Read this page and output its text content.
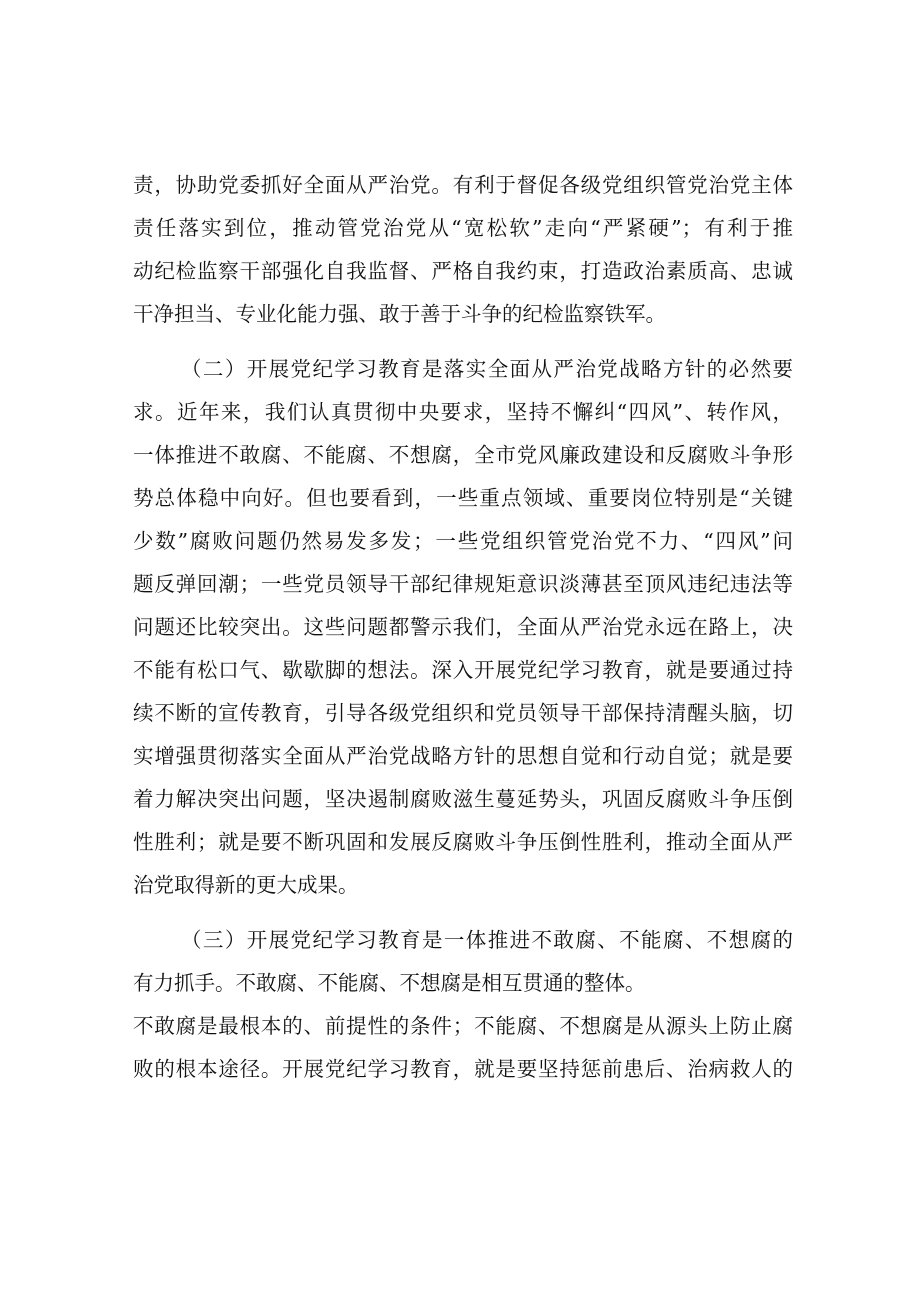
责，协助党委抓好全面从严治党。有利于督促各级党组织管党治党主体
责任落实到位，推动管党治党从“宽松软”走向“严紧硬”；有利于推
动纪检监察干部强化自我监督、严格自我约束，打造政治素质高、忠诚
干净担当、专业化能力强、敢于善于斗争的纪检监察铁军。
（二）开展党纪学习教育是落实全面从严治党战略方针的必然要
求。近年来，我们认真贯彻中央要求，坚持不懈纠“四风”、转作风，
一体推进不敢腐、不能腐、不想腐，全市党风廉政建设和反腐败斗争形
势总体稳中向好。但也要看到，一些重点领域、重要岗位特别是“关键
少数”腐败问题仍然易发多发；一些党组织管党治党不力、“四风”问
题反弹回潮；一些党员领导干部纪律规矩意识淡薄甚至顶风违纪违法等
问题还比较突出。这些问题都警示我们，全面从严治党永远在路上，决
不能有松口气、歇歇脚的想法。深入开展党纪学习教育，就是要通过持
续不断的宣传教育，引导各级党组织和党员领导干部保持清醒头脑，切
实增强贯彻落实全面从严治党战略方针的思想自觉和行动自觉；就是要
着力解决突出问题，坚决遏制腐败滋生蔓延势头，巩固反腐败斗争压倒
性胜利；就是要不断巩固和发展反腐败斗争压倒性胜利，推动全面从严
治党取得新的更大成果。
（三）开展党纪学习教育是一体推进不敢腐、不能腐、不想腐的
有力抓手。不敢腐、不能腐、不想腐是相互贯通的整体。
不敢腐是最根本的、前提性的条件；不能腐、不想腐是从源头上防止腐
败的根本途径。开展党纪学习教育，就是要坚持惩前患后、治病救人的
